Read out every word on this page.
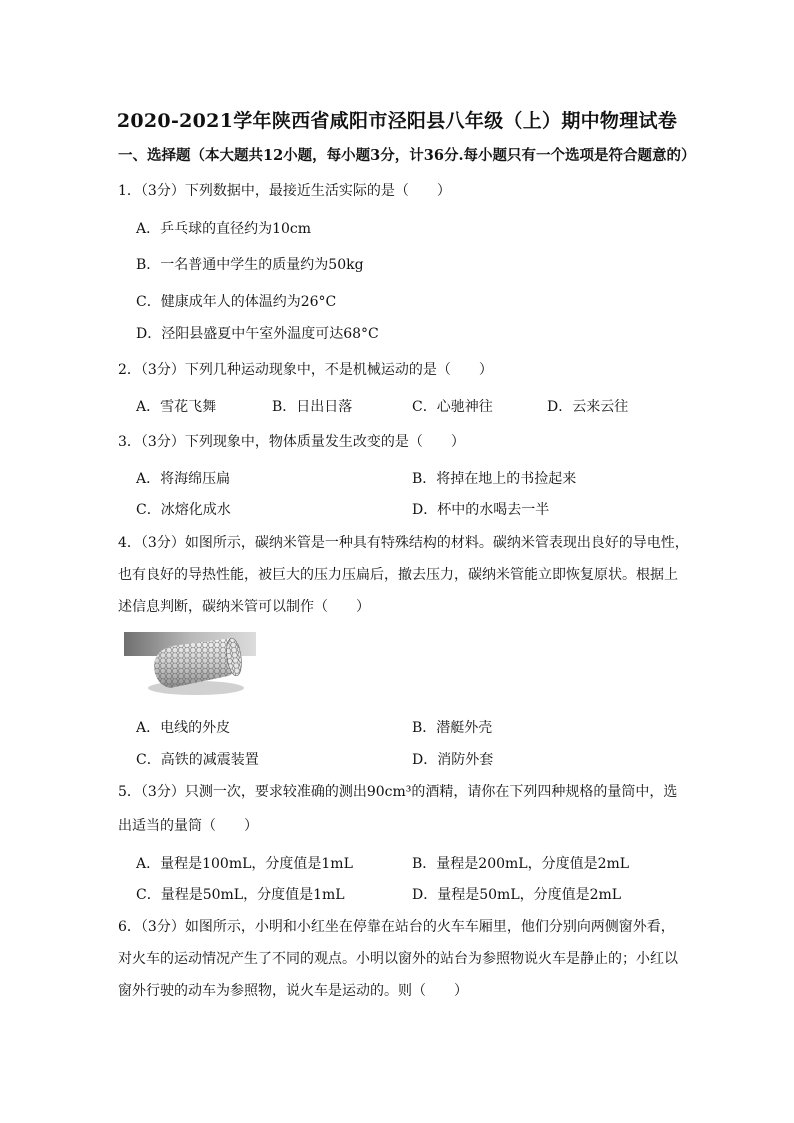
2020-2021学年陕西省咸阳市泾阳县八年级（上）期中物理试卷
一、选择题（本大题共12小题，每小题3分，计36分.每小题只有一个选项是符合题意的）
1．（3分）下列数据中，最接近生活实际的是（　　）
A．乒乓球的直径约为10cm
B．一名普通中学生的质量约为50kg
C．健康成年人的体温约为26°C
D．泾阳县盛夏中午室外温度可达68°C
2．（3分）下列几种运动现象中，不是机械运动的是（　　）
A．雪花飞舞	B．日出日落	C．心驰神往	D．云来云往
3．（3分）下列现象中，物体质量发生改变的是（　　）
A．将海绵压扁	B．将掉在地上的书捡起来
C．冰熔化成水	D．杯中的水喝去一半
4．（3分）如图所示，碳纳米管是一种具有特殊结构的材料。碳纳米管表现出良好的导电性，
也有良好的导热性能，被巨大的压力压扁后，撤去压力，碳纳米管能立即恢复原状。根据上
述信息判断，碳纳米管可以制作（　　）
A．电线的外皮	B．潜艇外壳
C．高铁的减震装置	D．消防外套
5．（3分）只测一次，要求较准确的测出90cm³的酒精，请你在下列四种规格的量筒中，选
出适当的量筒（　　）
A．量程是100mL，分度值是1mL	B．量程是200mL，分度值是2mL
C．量程是50mL，分度值是1mL	D．量程是50mL，分度值是2mL
6．（3分）如图所示，小明和小红坐在停靠在站台的火车车厢里，他们分别向两侧窗外看，
对火车的运动情况产生了不同的观点。小明以窗外的站台为参照物说火车是静止的；小红以
窗外行驶的动车为参照物，说火车是运动的。则（　　）
